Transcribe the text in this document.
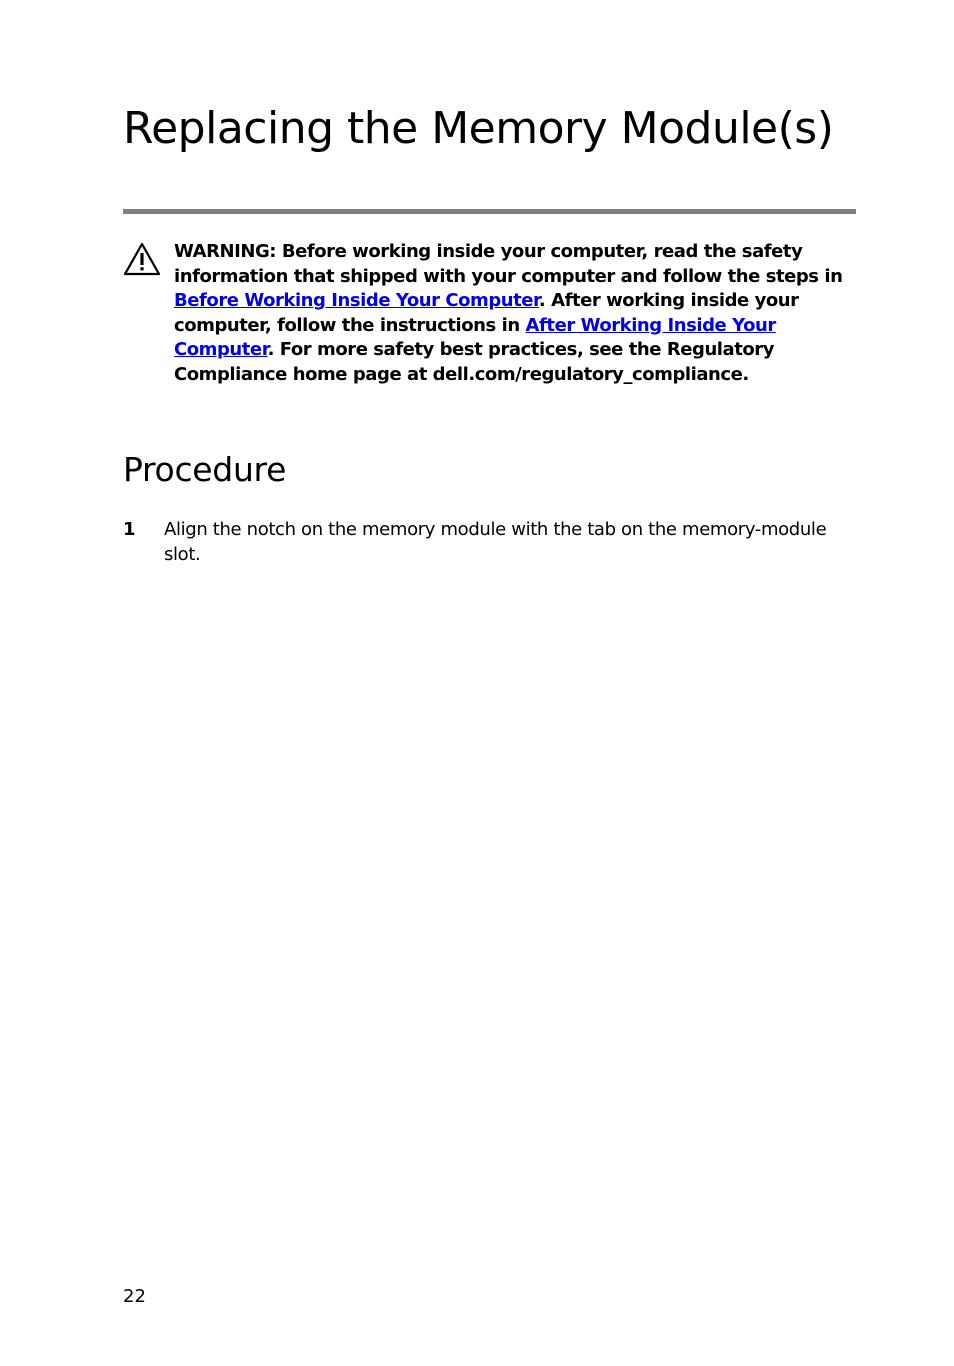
Replacing the Memory Module(s)

WARNING: Before working inside your computer, read the safety information that shipped with your computer and follow the steps in Before Working Inside Your Computer. After working inside your computer, follow the instructions in After Working Inside Your Computer. For more safety best practices, see the Regulatory Compliance home page at dell.com/regulatory_compliance.

Procedure
1 Align the notch on the memory module with the tab on the memory-module slot.

22
